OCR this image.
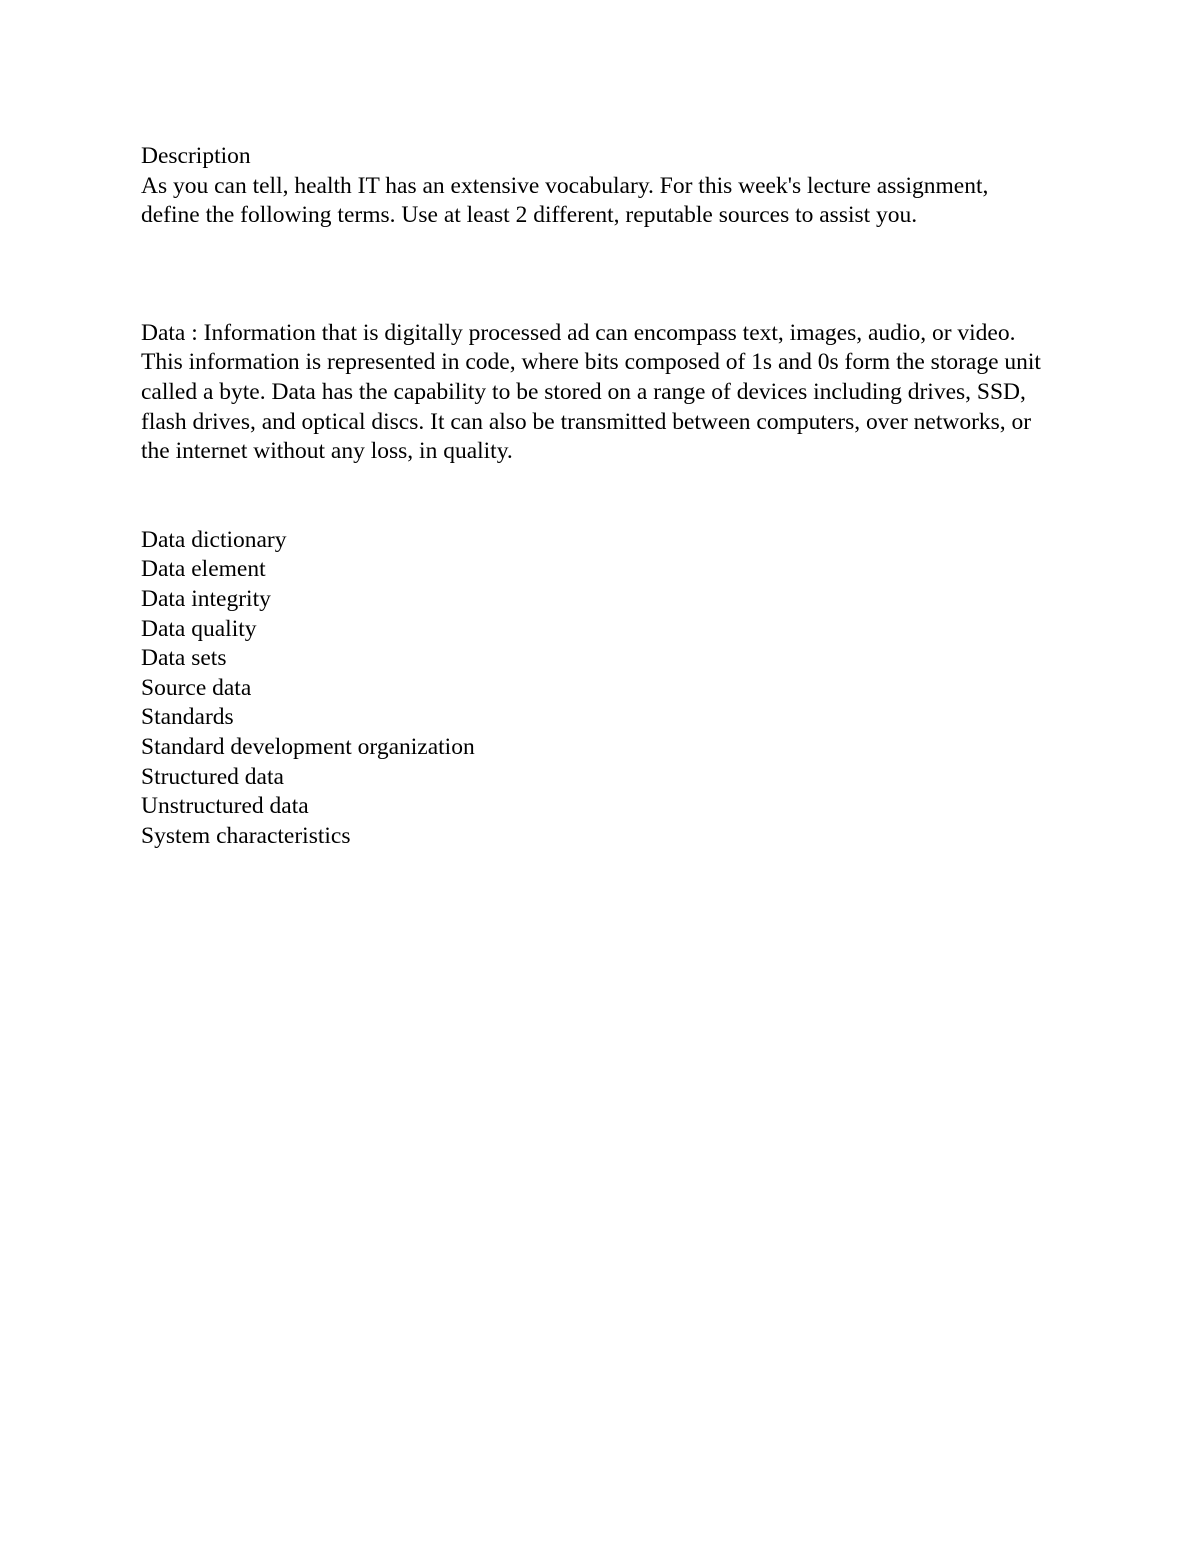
Description

As you can tell, health IT has an extensive vocabulary. For this week's lecture assignment, define the following terms. Use at least 2 different, reputable sources to assist you.

Data : Information that is digitally processed ad can encompass text, images, audio, or video. This information is represented in code, where bits composed of 1s and 0s form the storage unit called a byte. Data has the capability to be stored on a range of devices including drives, SSD, flash drives, and optical discs. It can also be transmitted between computers, over networks, or the internet without any loss, in quality.

Data dictionary
Data element
Data integrity
Data quality
Data sets
Source data
Standards
Standard development organization
Structured data
Unstructured data
System characteristics
